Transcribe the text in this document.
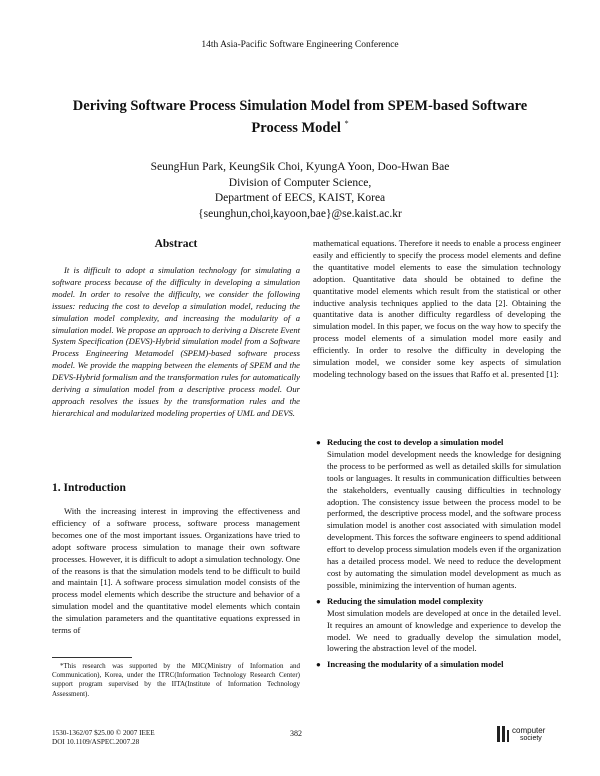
14th Asia-Pacific Software Engineering Conference
Deriving Software Process Simulation Model from SPEM-based Software
Process Model *
SeungHun Park, KeungSik Choi, KyungA Yoon, Doo-Hwan Bae
Division of Computer Science,
Department of EECS, KAIST, Korea
{seunghun,choi,kayoon,bae}@se.kaist.ac.kr
Abstract

It is difficult to adopt a simulation technology for simulating a software process because of the difficulty in developing a simulation model. In order to resolve the difficulty, we consider the following issues: reducing the cost to develop a simulation model, reducing the simulation model complexity, and increasing the modularity of a simulation model. We propose an approach to deriving a Discrete Event System Specification (DEVS)-Hybrid simulation model from a Software Process Engineering Metamodel (SPEM)-based software process model. We provide the mapping between the elements of SPEM and the DEVS-Hybrid formalism and the transformation rules for automatically deriving a simulation model from a descriptive process model. Our approach resolves the issues by the transformation rules and the hierarchical and modularized modeling properties of UML and DEVS.

1. Introduction

With the increasing interest in improving the effectiveness and efficiency of a software process, software process management becomes one of the most important issues. Organizations have tried to adopt software process simulation to manage their own software processes. However, it is difficult to adopt a simulation technology. One of the reasons is that the simulation models tend to be difficult to build and maintain [1]. A software process simulation model consists of the process model elements which describe the structure and behavior of a simulation model and the quantitative model elements which contain the simulation parameters and the quantitative equations expressed in terms of

*This research was supported by the MIC(Ministry of Information and Communication), Korea, under the ITRC(Information Technology Research Center) support program supervised by the IITA(Institute of Information Technology Assessment).

mathematical equations. Therefore it needs to enable a process engineer easily and efficiently to specify the process model elements and define the quantitative model elements to ease the simulation technology adoption. Quantitative data should be obtained to define the quantitative model elements which result from the statistical or other inductive analysis techniques applied to the data [2]. Obtaining the quantitative data is another difficulty regardless of developing the simulation model. In this paper, we focus on the way how to specify the process model elements of a simulation model more easily and efficiently. In order to resolve the difficulty in developing the simulation model, we consider some key aspects of simulation modeling technology based on the issues that Raffo et al. presented [1]:

● Reducing the cost to develop a simulation model
Simulation model development needs the knowledge for designing the process to be performed as well as detailed skills for simulation tools or languages. It results in communication difficulties between the stakeholders, eventually causing difficulties in technology adoption. The consistency issue between the process model to be performed, the descriptive process model, and the software process simulation model is another cost associated with simulation model development. This forces the software engineers to spend additional effort to develop process simulation models even if the organization has a detailed process model. We need to reduce the development cost by automating the simulation model development as much as possible, minimizing the intervention of human agents.
● Reducing the simulation model complexity
Most simulation models are developed at once in the detailed level. It requires an amount of knowledge and experience to develop the model. We need to gradually develop the simulation model, lowering the abstraction level of the model.
● Increasing the modularity of a simulation model
1530-1362/07 $25.00 © 2007 IEEE
DOI 10.1109/ASPEC.2007.28
382	computer
society
